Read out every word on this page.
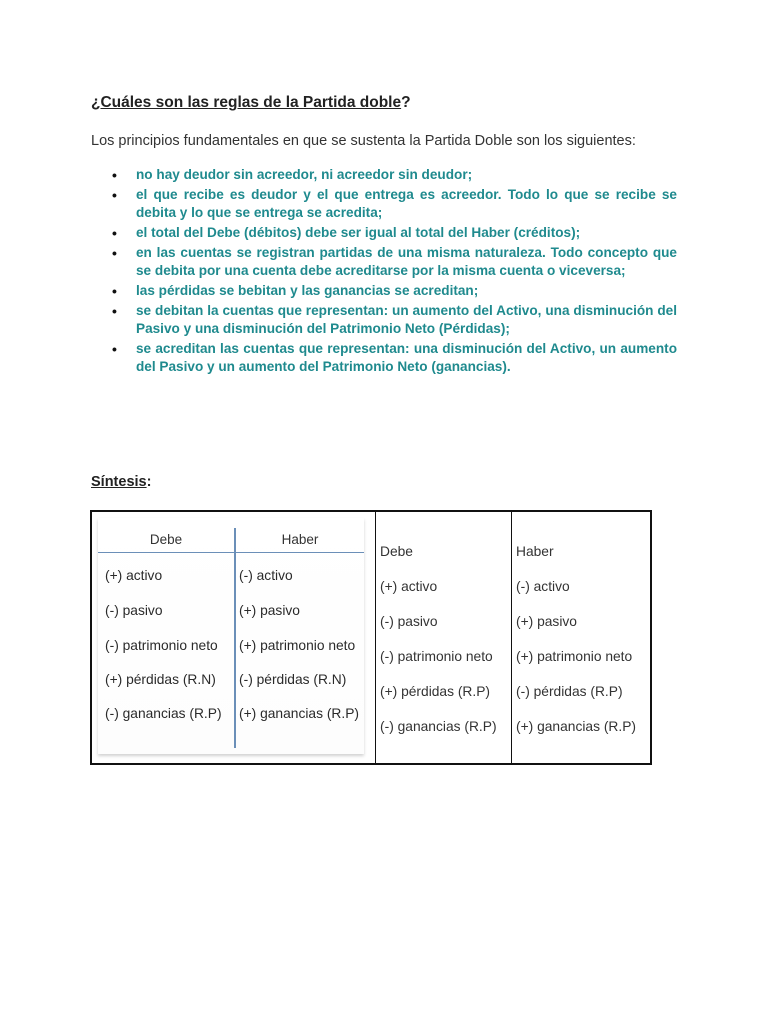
¿Cuáles son las reglas de la Partida doble?

Los principios fundamentales en que se sustenta la Partida Doble son los siguientes:

• no hay deudor sin acreedor, ni acreedor sin deudor;
• el que recibe es deudor y el que entrega es acreedor. Todo lo que se recibe se debita y lo que se entrega se acredita;
• el total del Debe (débitos) debe ser igual al total del Haber (créditos);
• en las cuentas se registran partidas de una misma naturaleza. Todo concepto que se debita por una cuenta debe acreditarse por la misma cuenta o viceversa;
• las pérdidas se bebitan y las ganancias se acreditan;
• se debitan la cuentas que representan: un aumento del Activo, una disminución del Pasivo y una disminución del Patrimonio Neto (Pérdidas);
• se acreditan las cuentas que representan: una disminución del Activo, un aumento del Pasivo y un aumento del Patrimonio Neto (ganancias).

Síntesis:

Debe	Haber
(+) activo
(-) pasivo
(-) patrimonio neto
(+) pérdidas (R.N)
(-) ganancias (R.P)
(-) activo
(+) pasivo
(+) patrimonio neto
(-) pérdidas (R.N)
(+) ganancias (R.P)
Debe
(+) activo
(-) pasivo
(-) patrimonio neto
(+) pérdidas (R.P)
(-) ganancias (R.P)
Haber
(-) activo
(+) pasivo
(+) patrimonio neto
(-) pérdidas (R.P)
(+) ganancias (R.P)
